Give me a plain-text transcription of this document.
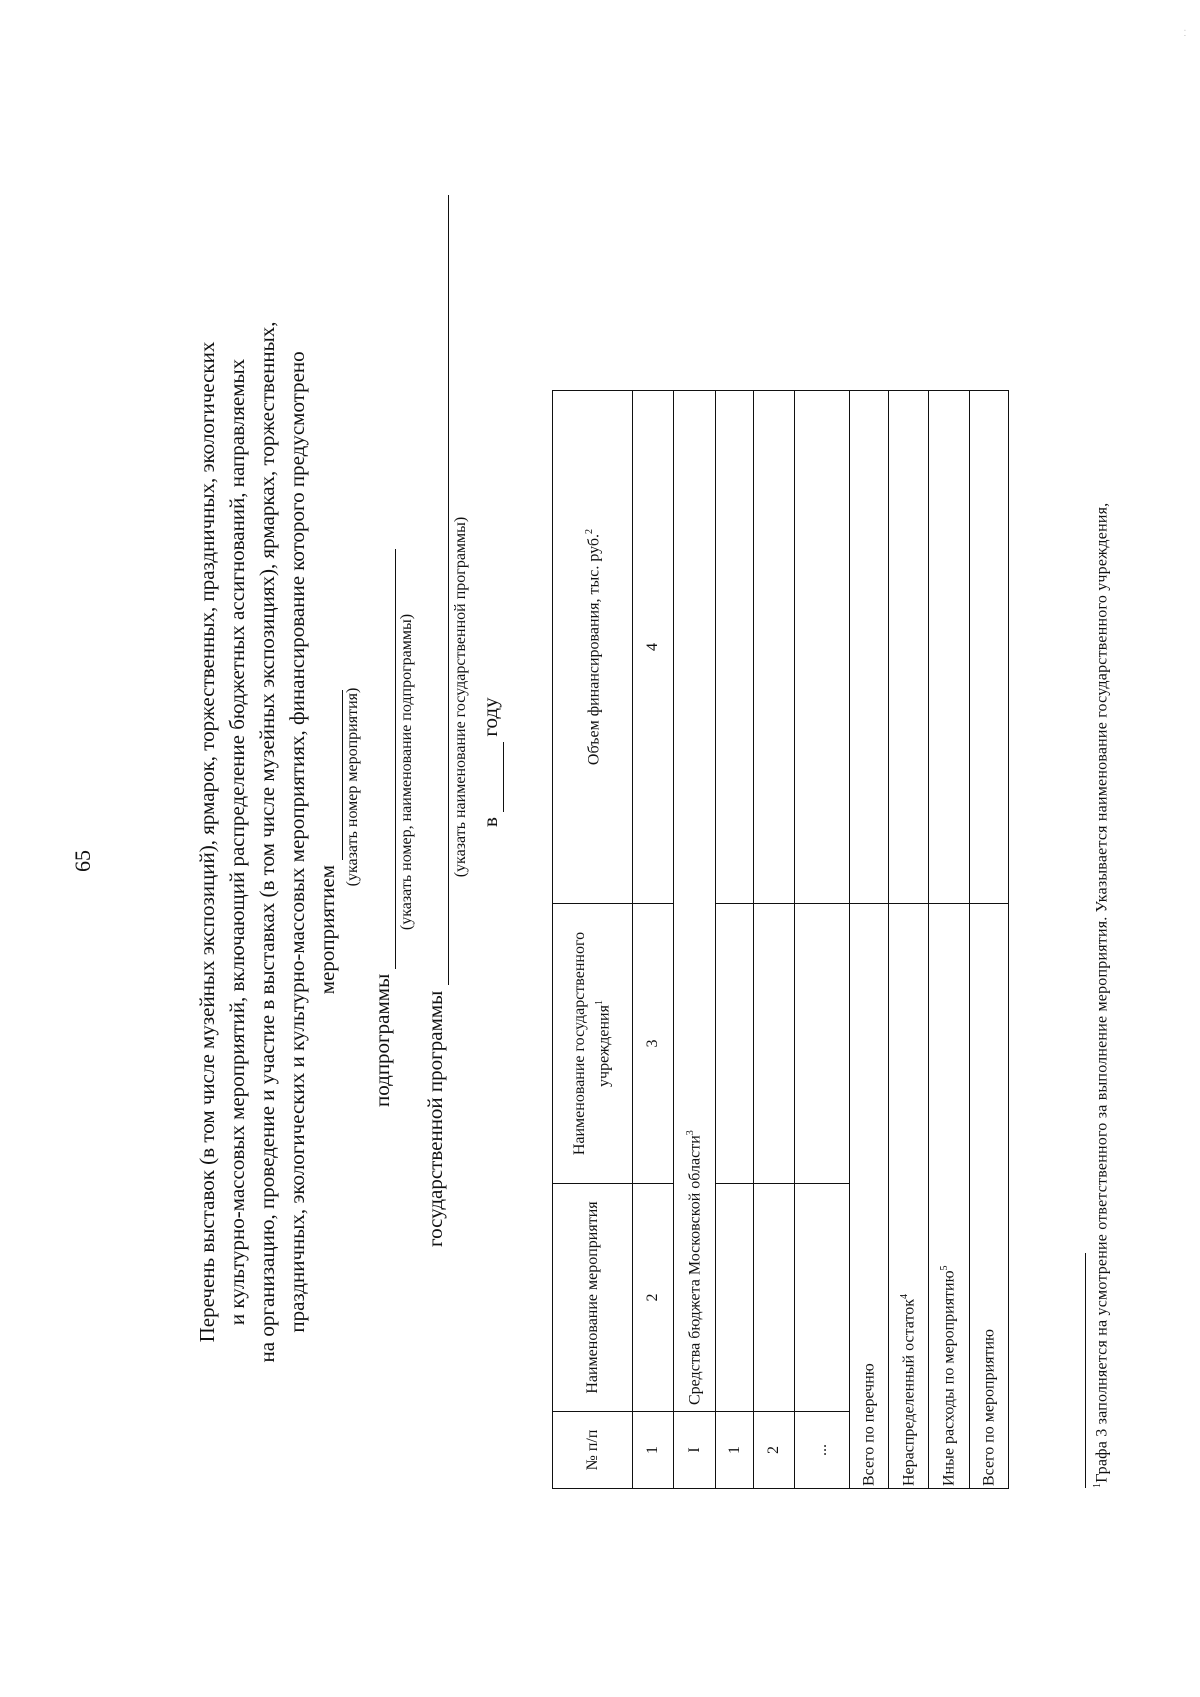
65	Перечень выставок (в том числе музейных экспозиций), ярмарок, торжественных, праздничных, экологических и культурно-массовых мероприятий, включающий распределение бюджетных ассигнований, направляемых на организацию, проведение и участие в выставках (в том числе музейных экспозициях), ярмарках, торжественных, праздничных, экологических и культурно-массовых мероприятиях, финансирование которого предусмотрено мероприятием
(указать номер мероприятия)
подпрограммы
(указать номер, наименование подпрограммы)
государственной программы
(указать наименование государственной программы) в   году
№ п/п	Наименование мероприятия	Наименование государственного учреждения$^1$	Объем финансирования, тыс. руб.$^2$
1	2	3	4
I	Средства бюджета Московской области$^3$	
1			
2			
...			
Всего по перечню			
Нераспределенный остаток$^4$	
Иные расходы по мероприятию$^5$	
Всего по мероприятию				$^1$Графа 3 заполняется на усмотрение ответственного за выполнение мероприятия. Указывается наименование государственного учреждения,
· ·
